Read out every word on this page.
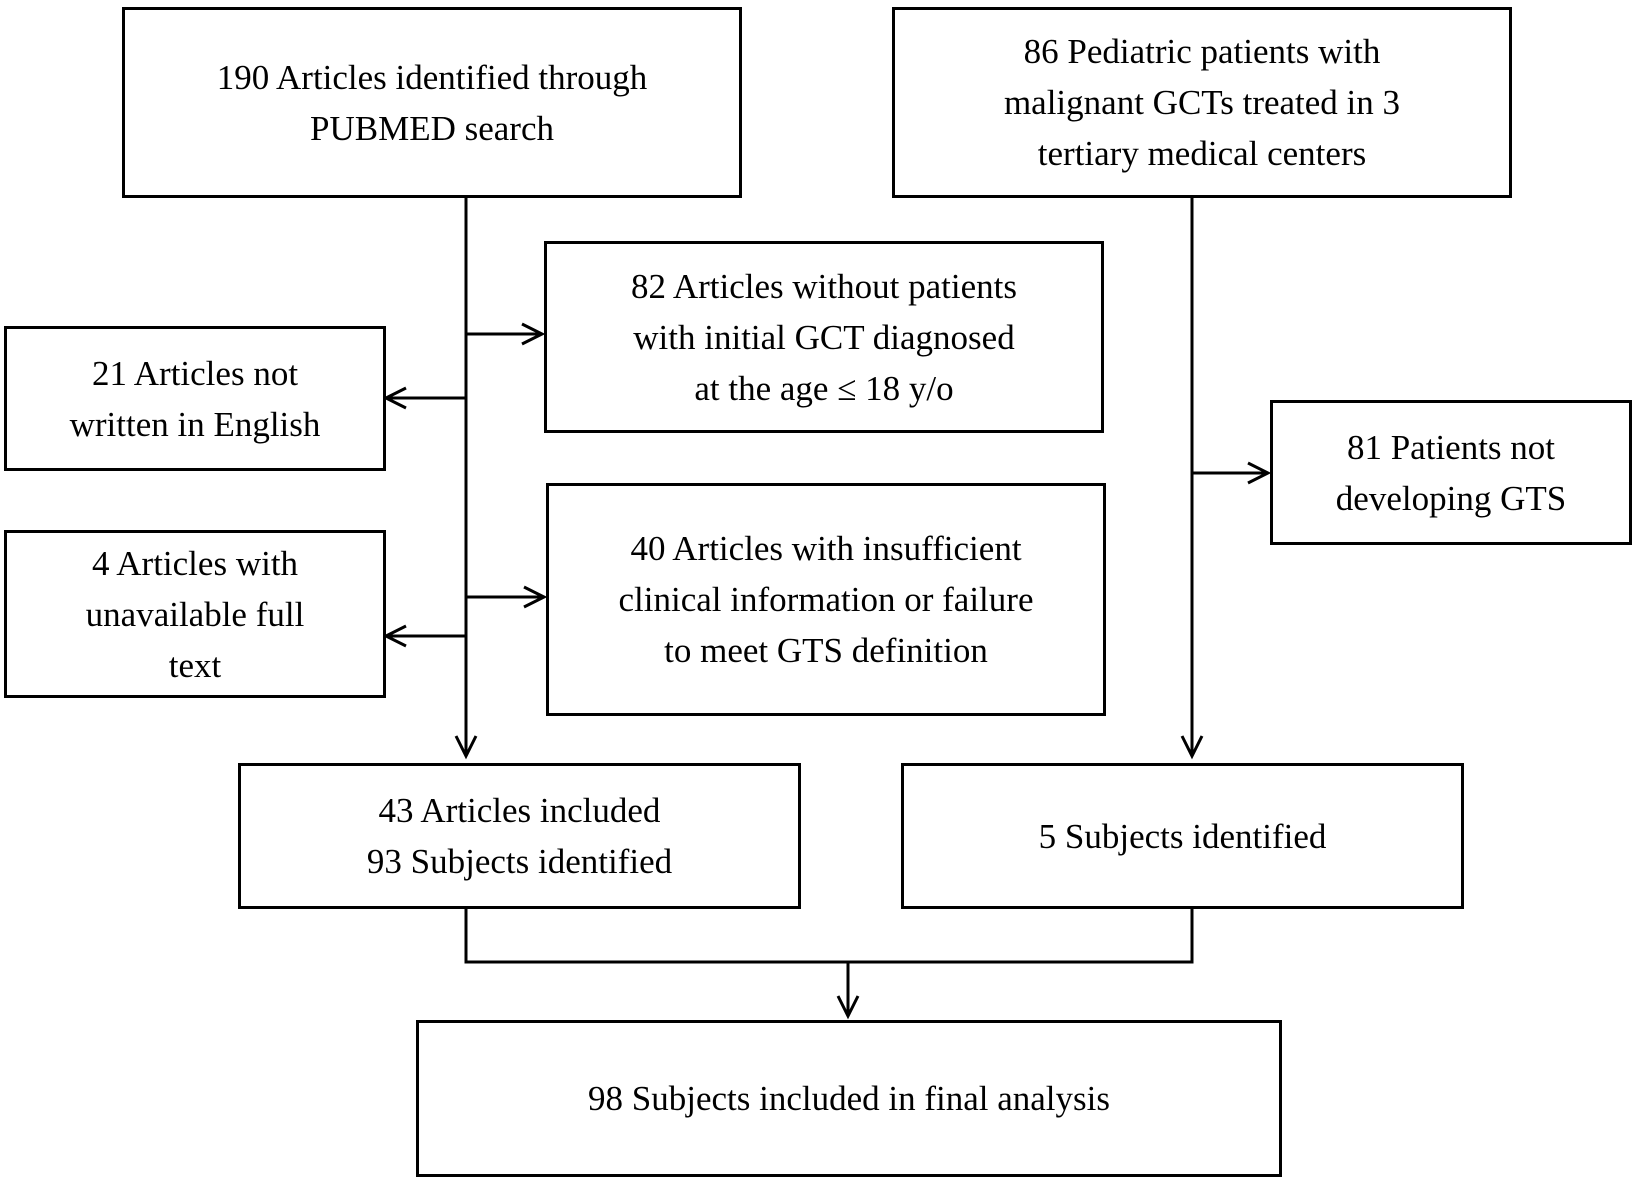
190 Articles identified through
PUBMED search
86 Pediatric patients with
malignant GCTs treated in 3
tertiary medical centers
82 Articles without patients
with initial GCT diagnosed
at the age ≤ 18 y/o
21 Articles not
written in English
81 Patients not
developing GTS
4 Articles with
unavailable full
text
40 Articles with insufficient
clinical information or failure
to meet GTS definition
43 Articles included
93 Subjects identified
5 Subjects identified
98 Subjects included in final analysis
